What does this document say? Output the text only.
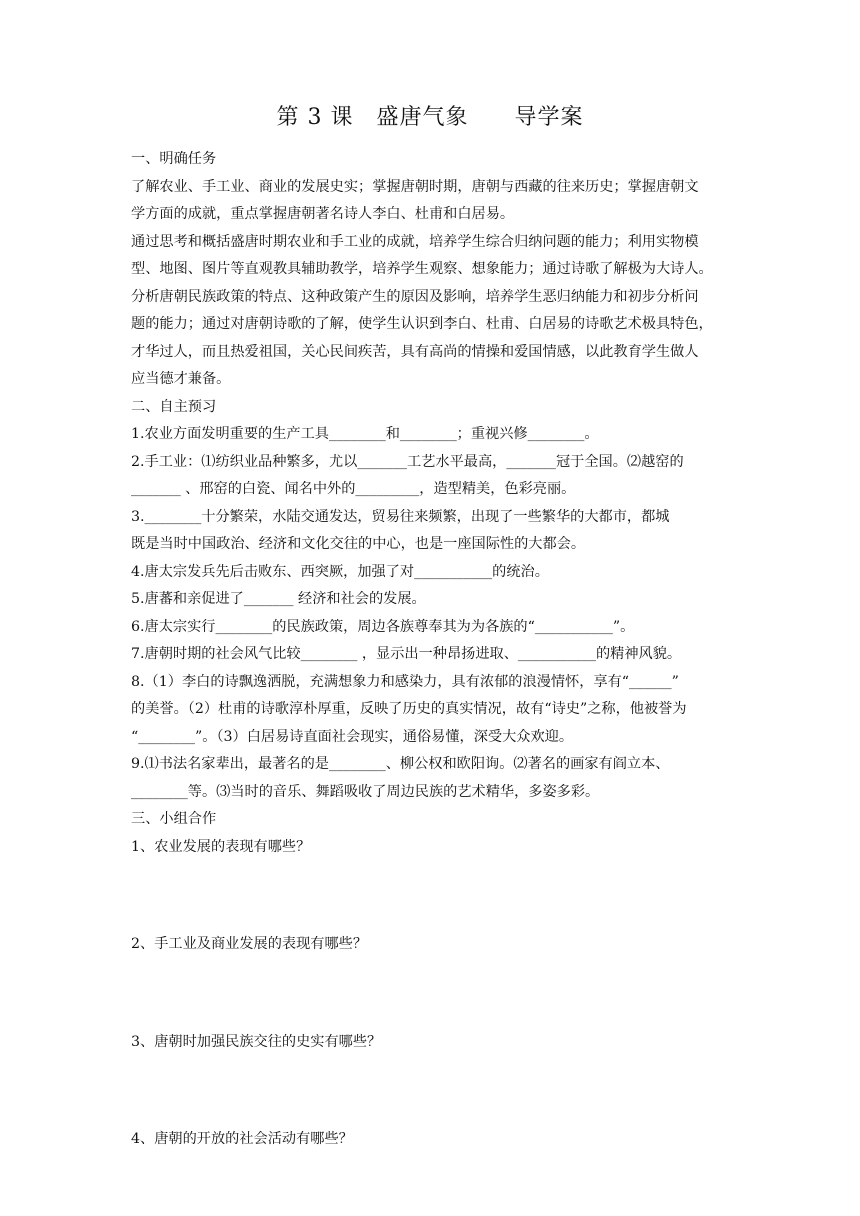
第 3 课　盛唐气象　　导学案
一、明确任务
了解农业、手工业、商业的发展史实；掌握唐朝时期，唐朝与西藏的往来历史；掌握唐朝文
学方面的成就，重点掌握唐朝著名诗人李白、杜甫和白居易。
通过思考和概括盛唐时期农业和手工业的成就，培养学生综合归纳问题的能力；利用实物模
型、地图、图片等直观教具辅助教学，培养学生观察、想象能力；通过诗歌了解极为大诗人。
分析唐朝民族政策的特点、这种政策产生的原因及影响，培养学生恶归纳能力和初步分析问
题的能力；通过对唐朝诗歌的了解，使学生认识到李白、杜甫、白居易的诗歌艺术极具特色，
才华过人，而且热爱祖国，关心民间疾苦，具有高尚的情操和爱国情感，以此教育学生做人
应当德才兼备。
二、自主预习
1.农业方面发明重要的生产工具________和________；重视兴修________。
2.手工业：⑴纺织业品种繁多，尤以_______工艺水平最高，_______冠于全国。⑵越窑的
_______ 、邢窑的白瓷、闻名中外的_________，造型精美，色彩亮丽。
3.________十分繁荣，水陆交通发达，贸易往来频繁，出现了一些繁华的大都市，都城
既是当时中国政治、经济和文化交往的中心，也是一座国际性的大都会。
4.唐太宗发兵先后击败东、西突厥，加强了对___________的统治。
5.唐蕃和亲促进了_______ 经济和社会的发展。
6.唐太宗实行________的民族政策，周边各族尊奉其为为各族的“___________”。
7.唐朝时期的社会风气比较________ ，显示出一种昂扬进取、___________的精神风貌。
8.（1）李白的诗飘逸洒脱，充满想象力和感染力，具有浓郁的浪漫情怀，享有“______”
的美誉。（2）杜甫的诗歌淳朴厚重，反映了历史的真实情况，故有“诗史”之称，他被誉为
“________”。（3）白居易诗直面社会现实，通俗易懂，深受大众欢迎。
9.⑴书法名家辈出，最著名的是________、柳公权和欧阳询。⑵著名的画家有阎立本、
________等。⑶当时的音乐、舞蹈吸收了周边民族的艺术精华，多姿多彩。
三、小组合作
1、农业发展的表现有哪些？
2、手工业及商业发展的表现有哪些？
3、唐朝时加强民族交往的史实有哪些？
4、唐朝的开放的社会活动有哪些？
